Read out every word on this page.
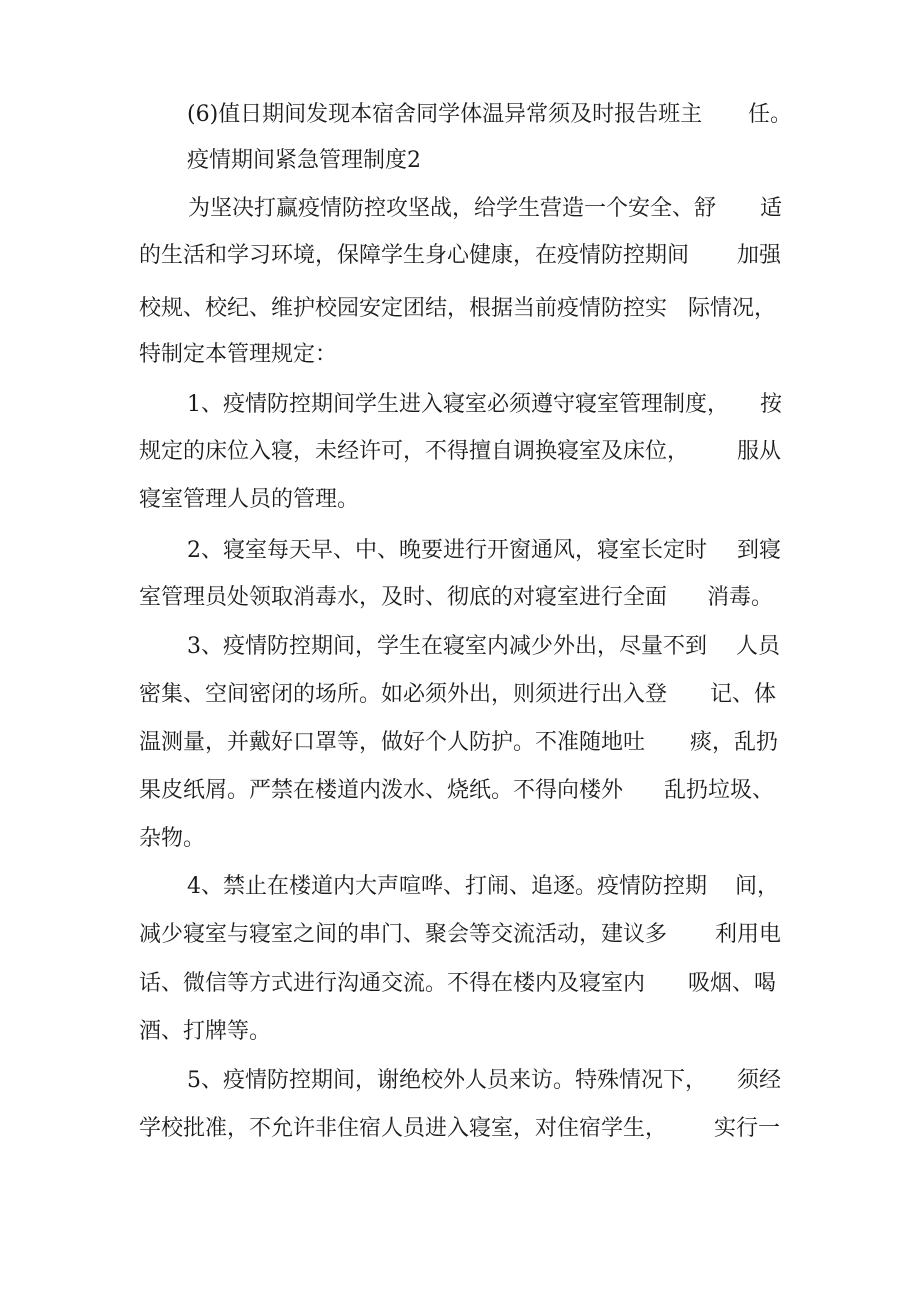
(6)值日期间发现本宿舍同学体温异常须及时报告班主

任。

疫情期间紧急管理制度2

为坚决打赢疫情防控攻坚战，给学生营造一个安全、舒

适

的生活和学习环境，保障学生身心健康，在疫情防控期间

加强

校规、校纪、维护校园安定团结，根据当前疫情防控实

际情况，

特制定本管理规定：

1、疫情防控期间学生进入寝室必须遵守寝室管理制度，

按

规定的床位入寝，未经许可，不得擅自调换寝室及床位，

服从

寝室管理人员的管理。

2、寝室每天早、中、晚要进行开窗通风，寝室长定时

到寝

室管理员处领取消毒水，及时、彻底的对寝室进行全面

消毒。

3、疫情防控期间，学生在寝室内减少外出，尽量不到

人员

密集、空间密闭的场所。如必须外出，则须进行出入登

记、体

温测量，并戴好口罩等，做好个人防护。不准随地吐

痰，乱扔

果皮纸屑。严禁在楼道内泼水、烧纸。不得向楼外

乱扔垃圾、

杂物。

4、禁止在楼道内大声喧哗、打闹、追逐。疫情防控期

间，

减少寝室与寝室之间的串门、聚会等交流活动，建议多

利用电

话、微信等方式进行沟通交流。不得在楼内及寝室内

吸烟、喝

酒、打牌等。

5、疫情防控期间，谢绝校外人员来访。特殊情况下，

须经

学校批准，不允许非住宿人员进入寝室，对住宿学生，

实行一
